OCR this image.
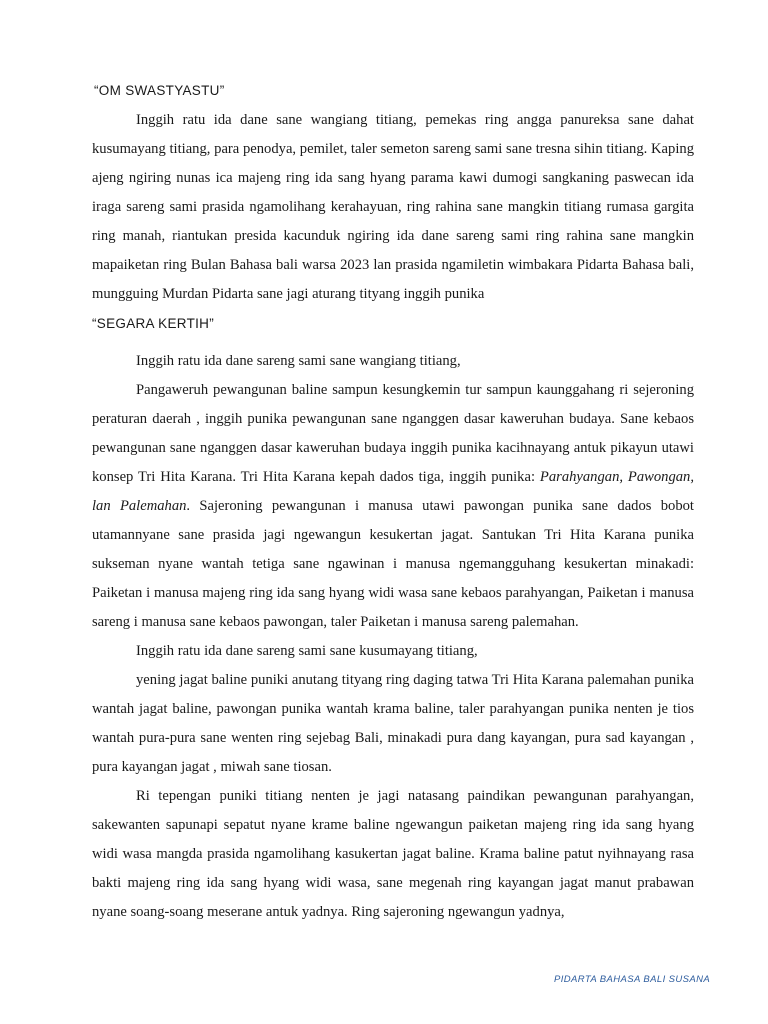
“OM SWASTYASTU”

Inggih ratu ida dane sane wangiang titiang, pemekas ring angga panureksa sane dahat kusumayang titiang, para penodya, pemilet, taler semeton sareng sami sane tresna sihin titiang. Kaping ajeng ngiring nunas ica majeng ring ida sang hyang parama kawi dumogi sangkaning paswecan ida iraga sareng sami prasida ngamolihang kerahayuan, ring rahina sane mangkin titiang rumasa gargita ring manah, riantukan presida kacunduk ngiring ida dane sareng sami ring rahina sane mangkin mapaiketan ring Bulan Bahasa bali warsa 2023 lan prasida ngamiletin wimbakara Pidarta Bahasa bali, mungguing Murdan Pidarta sane jagi aturang tityang inggih punika
“SEGARA KERTIH”

Inggih ratu ida dane sareng sami sane wangiang titiang,

Pangaweruh pewangunan baline sampun kesungkemin tur sampun kaunggahang ri sejeroning peraturan daerah , inggih punika pewangunan sane nganggen dasar kaweruhan budaya. Sane kebaos pewangunan sane nganggen dasar kaweruhan budaya inggih punika kacihnayang antuk pikayun utawi konsep Tri Hita Karana. Tri Hita Karana kepah dados tiga, inggih punika: Parahyangan, Pawongan, lan Palemahan. Sajeroning pewangunan i manusa utawi pawongan punika sane dados bobot utamannyane sane prasida jagi ngewangun kesukertan jagat. Santukan Tri Hita Karana punika sukseman nyane wantah tetiga sane ngawinan i manusa ngemangguhang kesukertan minakadi: Paiketan i manusa majeng ring ida sang hyang widi wasa sane kebaos parahyangan, Paiketan i manusa sareng i manusa sane kebaos pawongan, taler Paiketan i manusa sareng palemahan.

Inggih ratu ida dane sareng sami sane kusumayang titiang,

yening jagat baline puniki anutang tityang ring daging tatwa Tri Hita Karana palemahan punika wantah jagat baline, pawongan punika wantah krama baline, taler parahyangan punika nenten je tios wantah pura-pura sane wenten ring sejebag Bali, minakadi pura dang kayangan, pura sad kayangan , pura kayangan jagat , miwah sane tiosan.

Ri tepengan puniki titiang nenten je jagi natasang paindikan pewangunan parahyangan, sakewanten sapunapi sepatut nyane krame baline ngewangun paiketan majeng ring ida sang hyang widi wasa mangda prasida ngamolihang kasukertan jagat baline. Krama baline patut nyihnayang rasa bakti majeng ring ida sang hyang widi wasa, sane megenah ring kayangan jagat manut prabawan nyane soang-soang meserane antuk yadnya. Ring sajeroning ngewangun yadnya,

PIDARTA BAHASA BALI SUSANA
